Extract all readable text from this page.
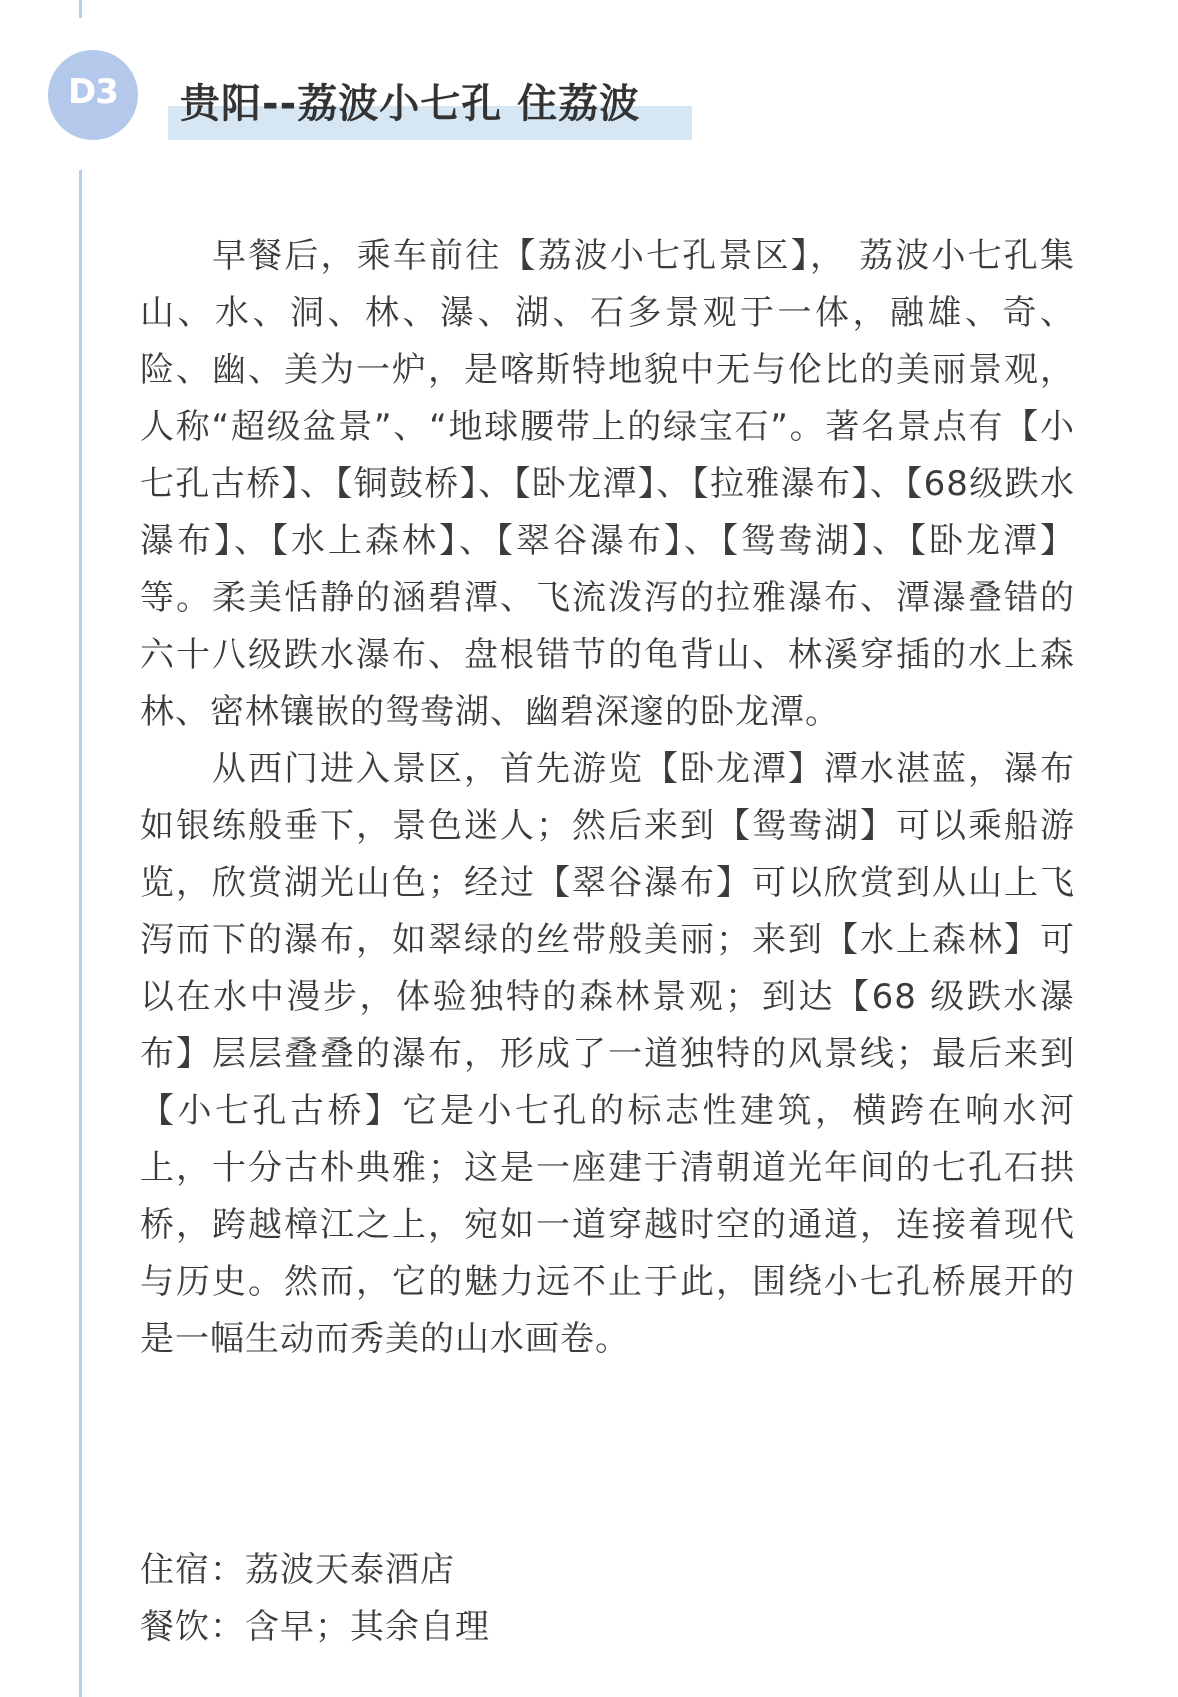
D3	贵阳--荔波小七孔 住荔波

早餐后，乘车前往【荔波小七孔景区】， 荔波小七孔集山、水、洞、林、瀑、湖、石多景观于一体，融雄、奇、险、幽、美为一炉，是喀斯特地貌中无与伦比的美丽景观，人称“超级盆景”、“地球腰带上的绿宝石”。著名景点有【小七孔古桥】、【铜鼓桥】、【卧龙潭】、【拉雅瀑布】、【68级跌水瀑布】、【水上森林】、【翠谷瀑布】、【鸳鸯湖】、【卧龙潭】等。柔美恬静的涵碧潭、飞流泼泻的拉雅瀑布、潭瀑叠错的六十八级跌水瀑布、盘根错节的龟背山、林溪穿插的水上森林、密林镶嵌的鸳鸯湖、幽碧深邃的卧龙潭。

从西门进入景区，首先游览【卧龙潭】潭水湛蓝，瀑布如银练般垂下，景色迷人；然后来到【鸳鸯湖】可以乘船游览，欣赏湖光山色；经过【翠谷瀑布】可以欣赏到从山上飞泻而下的瀑布，如翠绿的丝带般美丽；来到【水上森林】可以在水中漫步，体验独特的森林景观；到达【68 级跌水瀑布】层层叠叠的瀑布，形成了一道独特的风景线；最后来到【小七孔古桥】它是小七孔的标志性建筑，横跨在响水河上，十分古朴典雅；这是一座建于清朝道光年间的七孔石拱桥，跨越樟江之上，宛如一道穿越时空的通道，连接着现代与历史。然而，它的魅力远不止于此，围绕小七孔桥展开的是一幅生动而秀美的山水画卷。

住宿：荔波天泰酒店
餐饮：含早；其余自理
